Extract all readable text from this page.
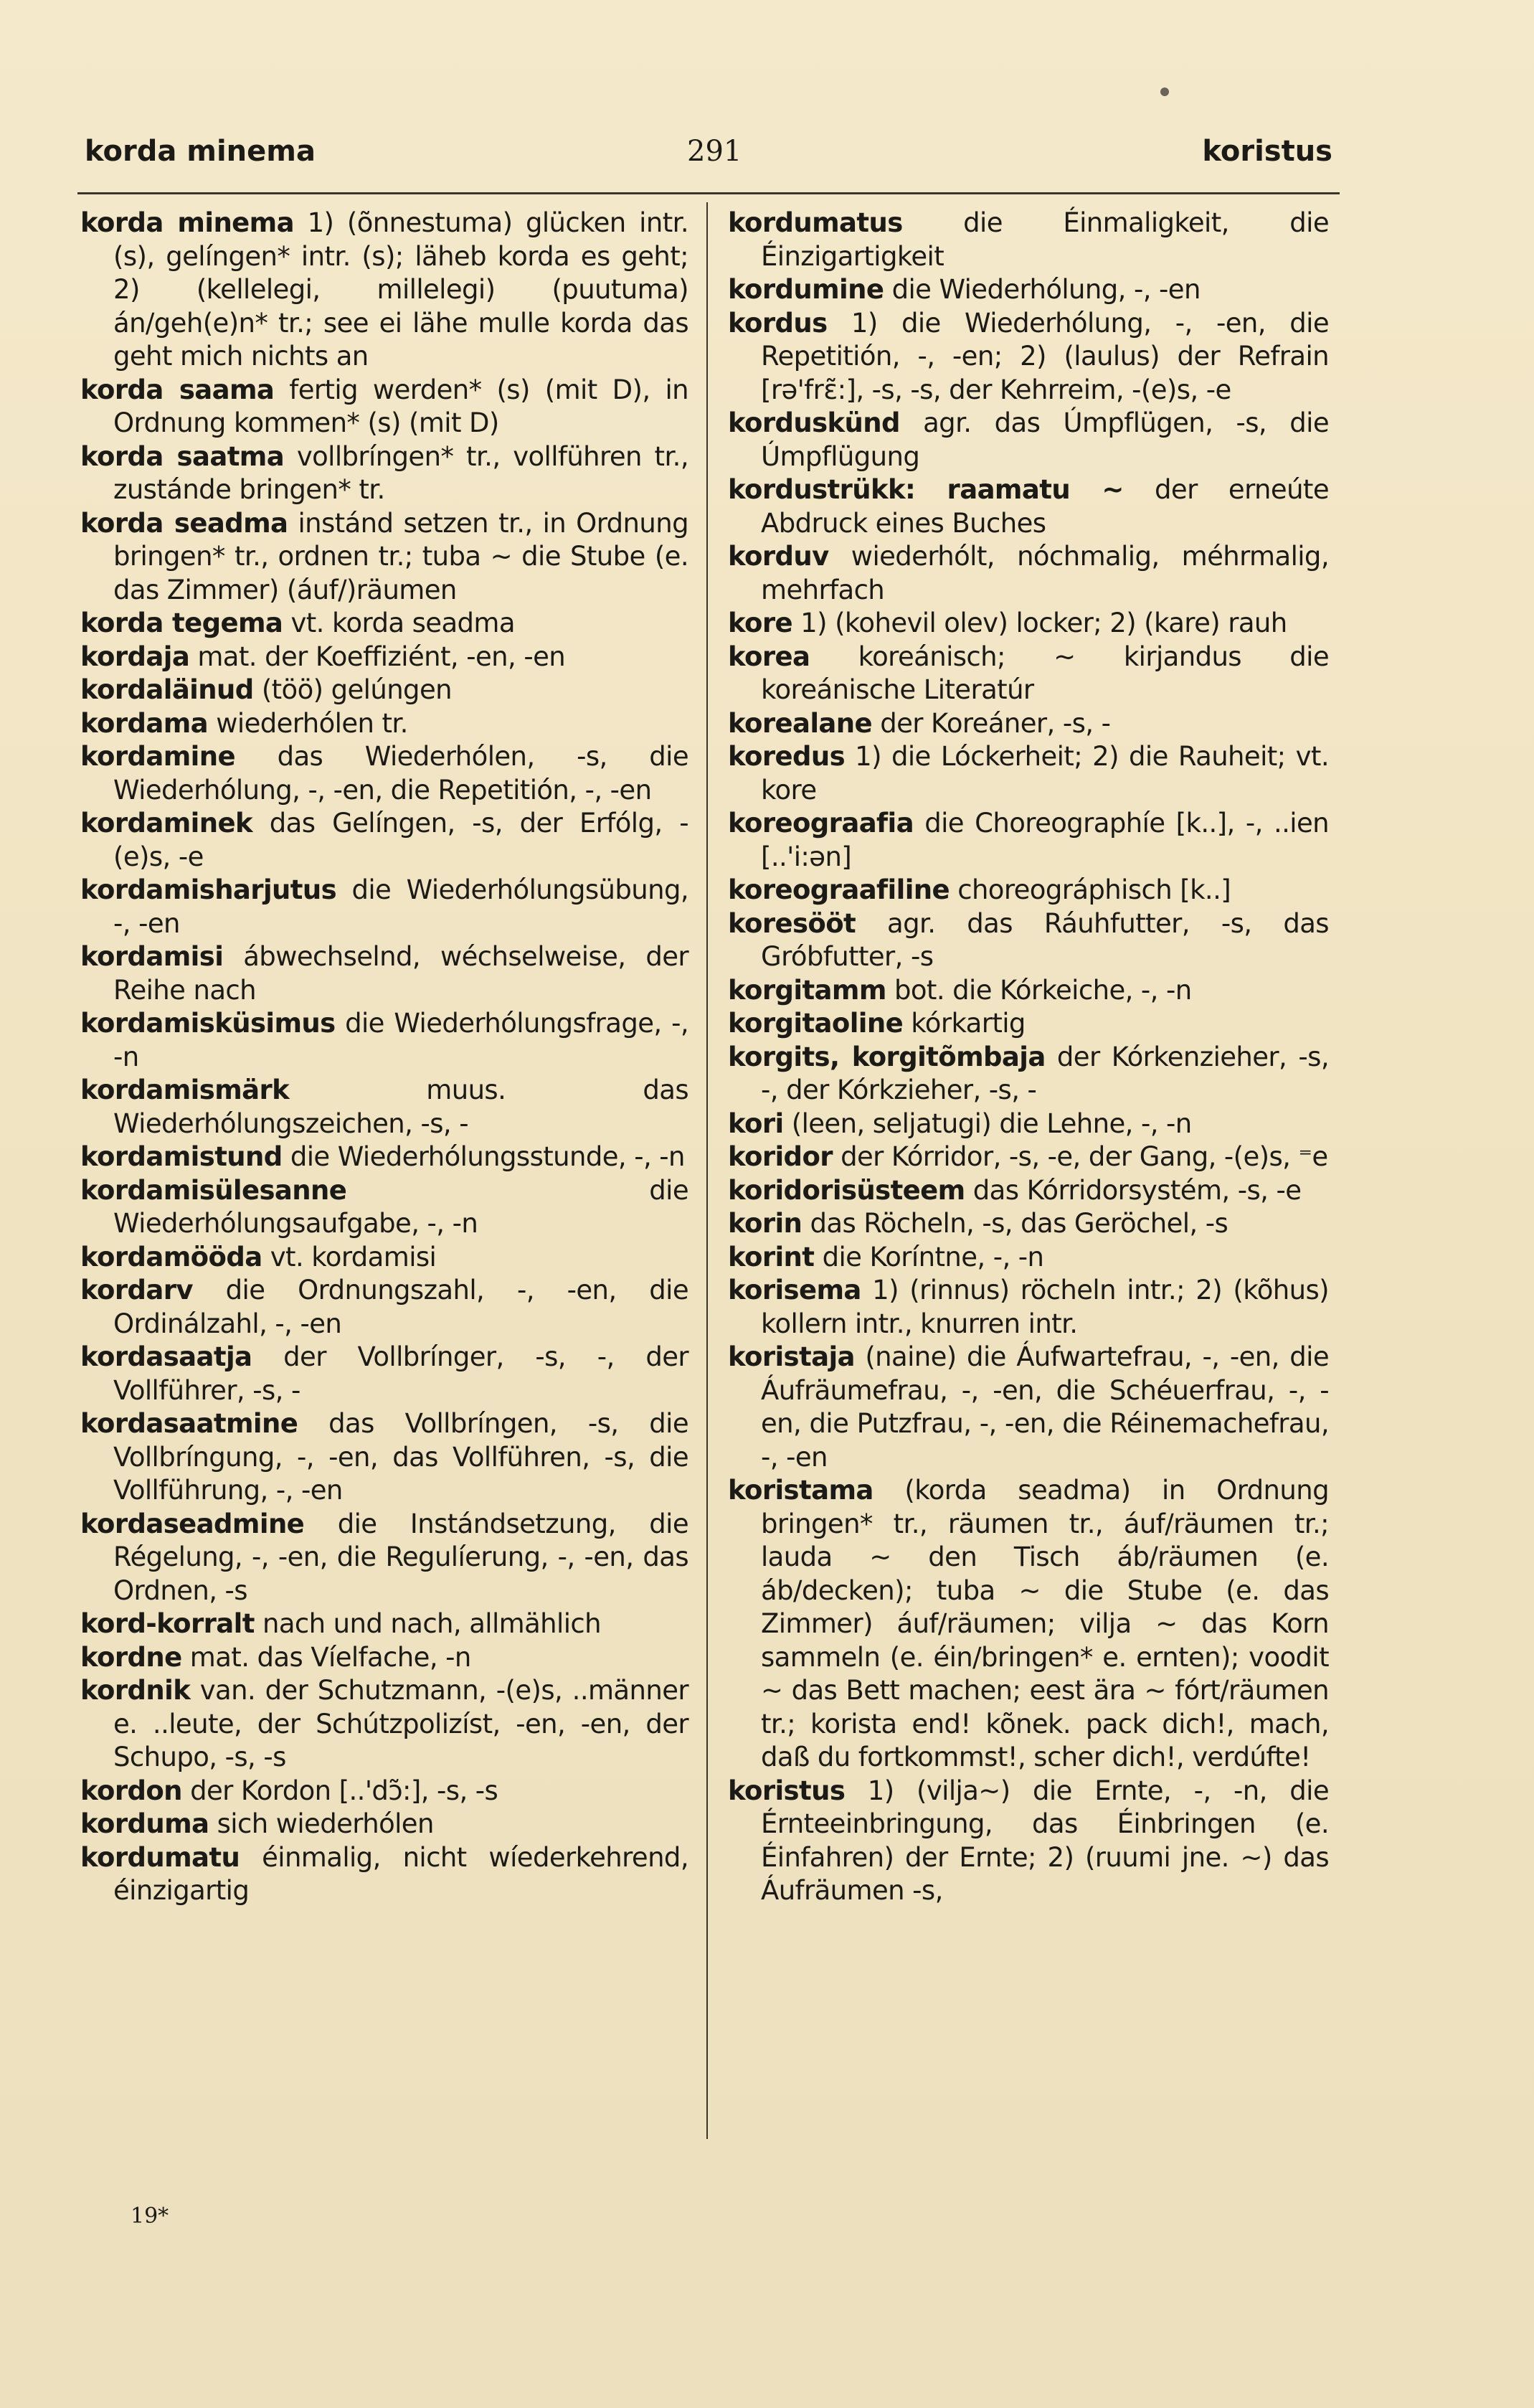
korda minema	291	koristus

korda minema 1) (õnnestuma) glücken intr. (s), gelíngen* intr. (s); läheb korda es geht; 2) (kellelegi, millelegi) (puutuma) án/geh(e)n* tr.; see ei lähe mulle korda das geht mich nichts an

korda saama fertig werden* (s) (mit D), in Ordnung kommen* (s) (mit D)

korda saatma vollbríngen* tr., vollführen tr., zustánde bringen* tr.

korda seadma instánd setzen tr., in Ordnung bringen* tr., ordnen tr.; tuba ~ die Stube (e. das Zimmer) (áuf/)räumen

korda tegema vt. korda seadma

kordaja mat. der Koeffiziént, -en, -en

kordaläinud (töö) gelúngen

kordama wiederhólen tr.

kordamine das Wiederhólen, -s, die Wiederhólung, -, -en, die Repetitión, -, -en

kordaminek das Gelíngen, -s, der Erfólg, -(e)s, -e

kordamisharjutus die Wiederhólungsübung, -, -en

kordamisi ábwechselnd, wéchselweise, der Reihe nach

kordamisküsimus die Wiederhólungsfrage, -, -n

kordamismärk	muus. das Wiederhólungszeichen, -s, -

kordamistund die Wiederhólungsstunde, -, -n

kordamisülesanne	die Wiederhólungsaufgabe, -, -n

kordamööda vt. kordamisi

kordarv die Ordnungszahl, -, -en, die Ordinálzahl, -, -en

kordasaatja der Vollbrínger, -s, -, der Vollführer, -s, -

kordasaatmine das Vollbríngen, -s, die Vollbríngung, -, -en, das Vollführen, -s, die Vollführung, -, -en

kordaseadmine die Instándsetzung, die Régelung, -, -en, die Regulíerung, -, -en, das Ordnen, -s

kord-korralt nach und nach, allmählich

kordne mat. das Víelfache, -n

kordnik van. der Schutzmann, -(e)s, ..männer e. ..leute, der Schútzpolizíst, -en, -en, der Schupo, -s, -s

kordon der Kordon [..'dɔ̃:], -s, -s

korduma sich wiederhólen

kordumatu éinmalig, nicht wíederkehrend, éinzigartig

kordumatus die Éinmaligkeit, die Éinzigartigkeit

kordumine die Wiederhólung, -, -en

kordus 1) die Wiederhólung, -, -en, die Repetitión, -, -en; 2) (laulus) der Refrain [rə'frɛ̃:], -s, -s, der Kehrreim, -(e)s, -e

korduskünd agr. das Úmpflügen, -s, die Úmpflügung

kordustrükk: raamatu ~ der erneúte Abdruck eines Buches

korduv wiederhólt, nóchmalig, méhrmalig, mehrfach

kore 1) (kohevil olev) locker; 2) (kare) rauh

korea koreánisch; ~ kirjandus die koreánische Literatúr

korealane der Koreáner, -s, -

koredus 1) die Lóckerheit; 2) die Rauheit; vt. kore

koreograafia die Choreographíe [k..], -, ..ien [..'i:ən]

koreograafiline choreográphisch [k..]

koresööt agr. das Ráuhfutter, -s, das Gróbfutter, -s

korgitamm bot. die Kórkeiche, -, -n

korgitaoline kórkartig

korgits, korgitõmbaja der Kórkenzieher, -s, -, der Kórkzieher, -s, -

kori (leen, seljatugi) die Lehne, -, -n

koridor der Kórridor, -s, -e, der Gang, -(e)s, ⁼e

koridorisüsteem das Kórridorsystém, -s, -e

korin das Röcheln, -s, das Geröchel, -s

korint die Koríntne, -, -n

korisema 1) (rinnus) röcheln intr.; 2) (kõhus) kollern intr., knurren intr.

koristaja (naine) die Áufwartefrau, -, -en, die Áufräumefrau, -, -en, die Schéuerfrau, -, -en, die Putzfrau, -, -en, die Réinemachefrau, -, -en

koristama (korda seadma) in Ordnung bringen* tr., räumen tr., áuf/räumen tr.; lauda ~ den Tisch áb/räumen (e. áb/decken); tuba ~ die Stube (e. das Zimmer) áuf/räumen; vilja ~ das Korn sammeln (e. éin/bringen* e. ernten); voodit ~ das Bett machen; eest ära ~ fórt/räumen tr.; korista end! kõnek. pack dich!, mach, daß du fortkommst!, scher dich!, verdúfte!

koristus 1) (vilja~) die Ernte, -, -n, die Érnteeinbringung, das Éinbringen (e. Éinfahren) der Ernte; 2) (ruumi jne. ~) das Áufräumen -s,

19*
